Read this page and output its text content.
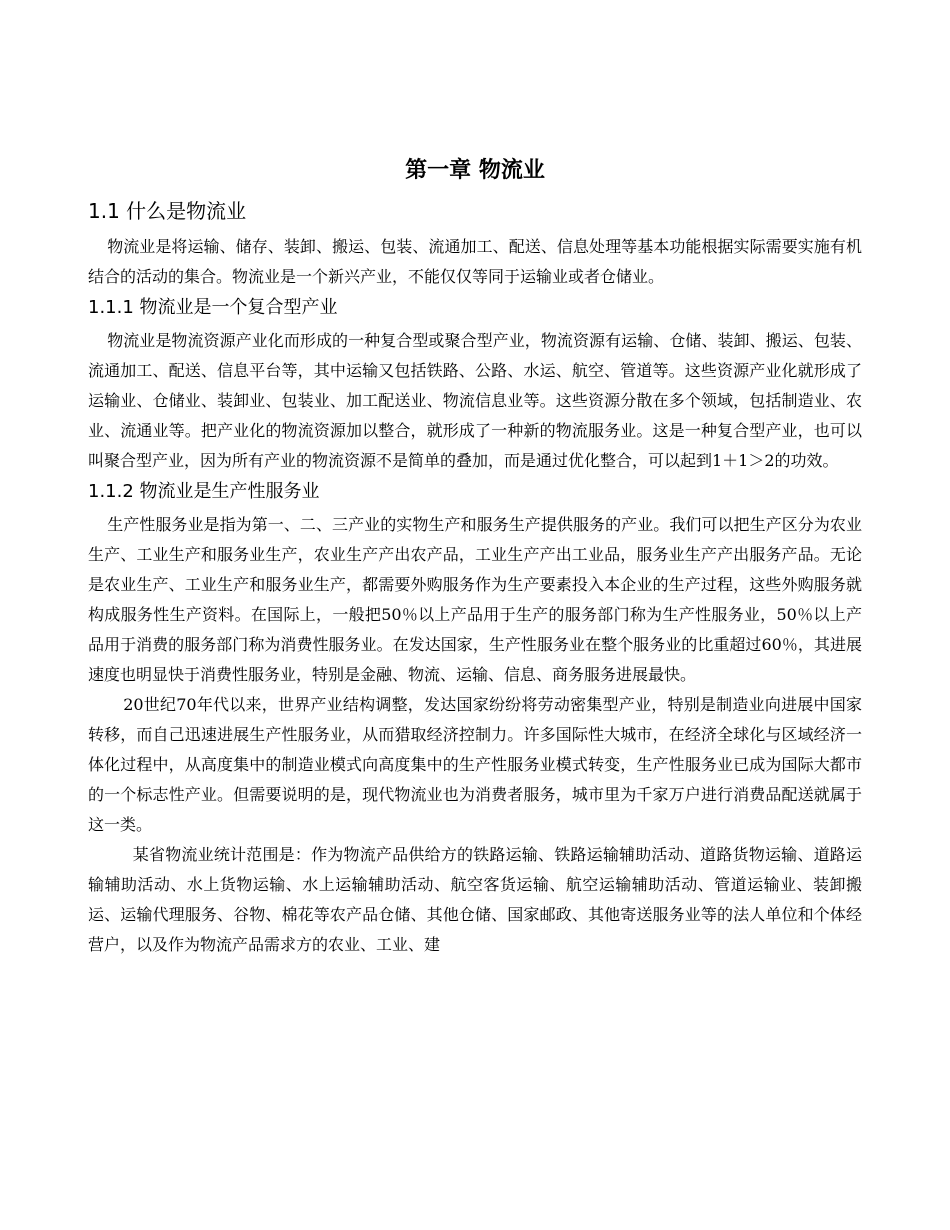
第一章 物流业
1.1 什么是物流业

物流业是将运输、储存、装卸、搬运、包装、流通加工、配送、信息处理等基本功能根据实际需要实施有机结合的活动的集合。物流业是一个新兴产业，不能仅仅等同于运输业或者仓储业。

1.1.1 物流业是一个复合型产业

物流业是物流资源产业化而形成的一种复合型或聚合型产业，物流资源有运输、仓储、装卸、搬运、包装、流通加工、配送、信息平台等，其中运输又包括铁路、公路、水运、航空、管道等。这些资源产业化就形成了运输业、仓储业、装卸业、包装业、加工配送业、物流信息业等。这些资源分散在多个领域，包括制造业、农业、流通业等。把产业化的物流资源加以整合，就形成了一种新的物流服务业。这是一种复合型产业，也可以叫聚合型产业，因为所有产业的物流资源不是简单的叠加，而是通过优化整合，可以起到1＋1＞2的功效。

1.1.2 物流业是生产性服务业

生产性服务业是指为第一、二、三产业的实物生产和服务生产提供服务的产业。我们可以把生产区分为农业生产、工业生产和服务业生产，农业生产产出农产品，工业生产产出工业品，服务业生产产出服务产品。无论是农业生产、工业生产和服务业生产，都需要外购服务作为生产要素投入本企业的生产过程，这些外购服务就构成服务性生产资料。在国际上，一般把50％以上产品用于生产的服务部门称为生产性服务业，50％以上产品用于消费的服务部门称为消费性服务业。在发达国家，生产性服务业在整个服务业的比重超过60％，其进展速度也明显快于消费性服务业，特别是金融、物流、运输、信息、商务服务进展最快。

20世纪70年代以来，世界产业结构调整，发达国家纷纷将劳动密集型产业，特别是制造业向进展中国家转移，而自己迅速进展生产性服务业，从而猎取经济控制力。许多国际性大城市，在经济全球化与区域经济一体化过程中，从高度集中的制造业模式向高度集中的生产性服务业模式转变，生产性服务业已成为国际大都市的一个标志性产业。但需要说明的是，现代物流业也为消费者服务，城市里为千家万户进行消费品配送就属于这一类。

某省物流业统计范围是：作为物流产品供给方的铁路运输、铁路运输辅助活动、道路货物运输、道路运输辅助活动、水上货物运输、水上运输辅助活动、航空客货运输、航空运输辅助活动、管道运输业、装卸搬运、运输代理服务、谷物、棉花等农产品仓储、其他仓储、国家邮政、其他寄送服务业等的法人单位和个体经营户，以及作为物流产品需求方的农业、工业、建
